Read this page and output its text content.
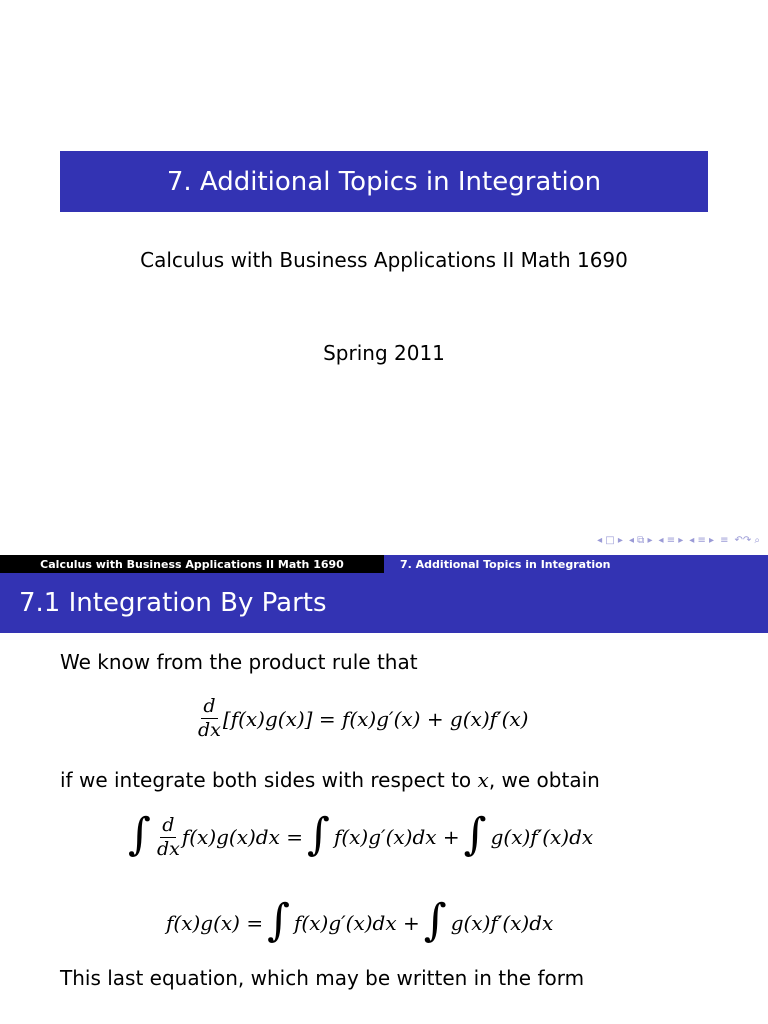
7. Additional Topics in Integration
Calculus with Business Applications II Math 1690
Spring 2011
◂ □ ▸ ◂ ⧉ ▸ ◂ ≡ ▸ ◂ ≡ ▸ ≡ ↶↷ ⌕
Calculus with Business Applications II Math 1690	7. Additional Topics in Integration
7.1 Integration By Parts
We know from the product rule that
$\frac{d}{dx} [f(x)g(x)] = f(x)g'(x) + g(x)f'(x)$
if we integrate both sides with respect to x, we obtain
∫ $\frac{d}{dx} f(x)g(x)dx$ = ∫ f(x)g′(x)dx + ∫ g(x)f′(x)dx
f(x)g(x) = ∫ f(x)g′(x)dx + ∫ g(x)f′(x)dx
This last equation, which may be written in the form
